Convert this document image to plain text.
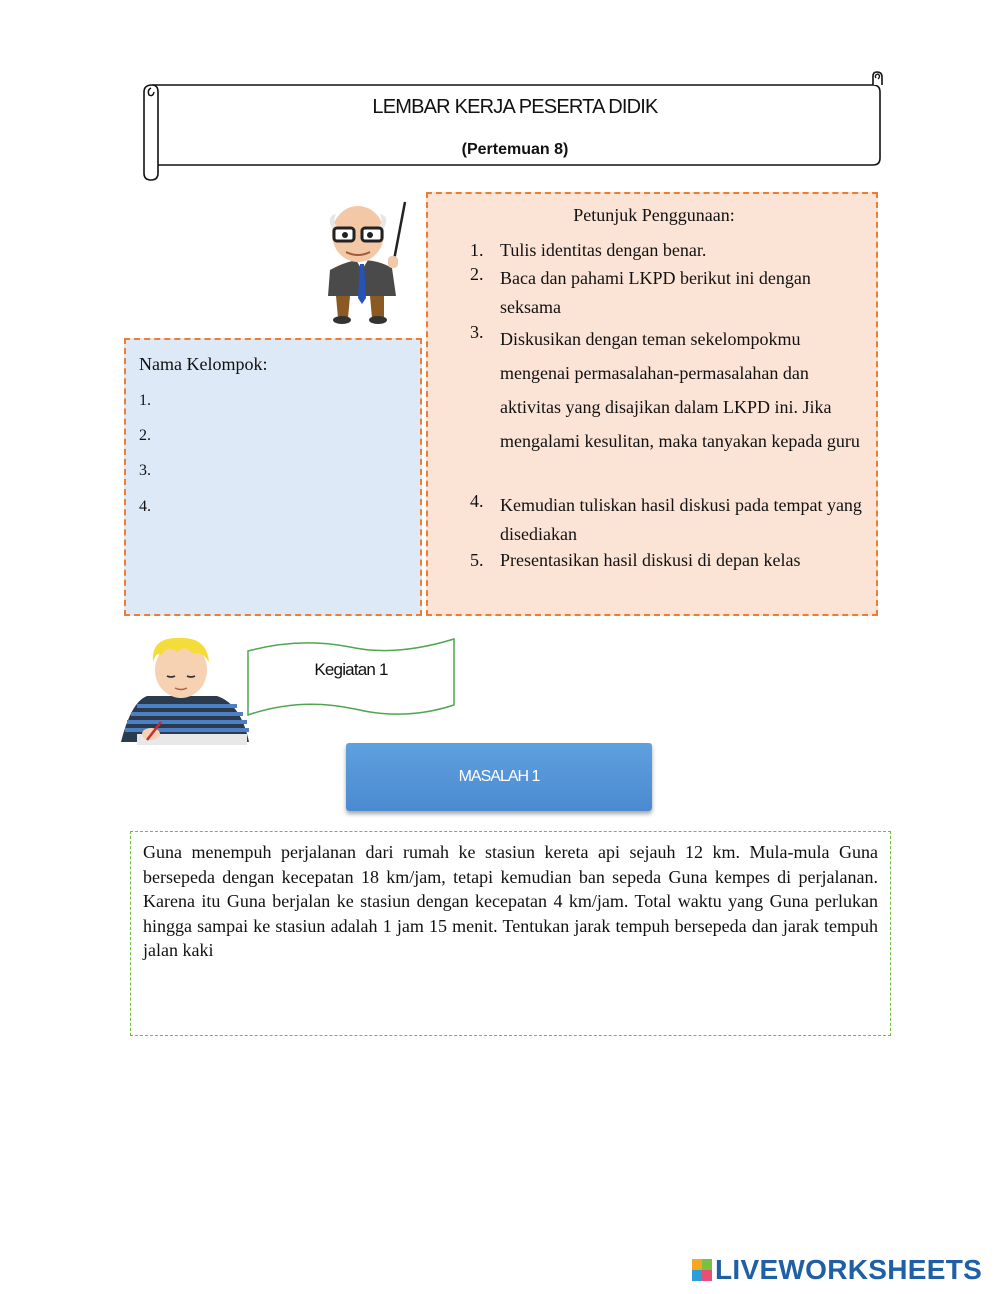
LEMBAR KERJA PESERTA DIDIK
(Pertemuan 8)
Petunjuk Penggunaan:
1. Tulis identitas dengan benar.
2. Baca dan pahami LKPD berikut ini dengan seksama
3. Diskusikan dengan teman sekelompokmu mengenai permasalahan-permasalahan dan aktivitas yang disajikan dalam LKPD ini. Jika mengalami kesulitan, maka tanyakan kepada guru
4. Kemudian tuliskan hasil diskusi pada tempat yang disediakan
5. Presentasikan hasil diskusi di depan kelas
Nama Kelompok:
1.
2.
3.
4.
Kegiatan 1
MASALAH 1
Guna menempuh perjalanan dari rumah ke stasiun kereta api sejauh 12 km. Mula-mula Guna bersepeda dengan kecepatan 18 km/jam, tetapi kemudian ban sepeda Guna kempes di perjalanan. Karena itu Guna berjalan ke stasiun dengan kecepatan 4 km/jam. Total waktu yang Guna perlukan hingga sampai ke stasiun adalah 1 jam 15 menit. Tentukan jarak tempuh bersepeda dan jarak tempuh jalan kaki
LIVEWORKSHEETS
